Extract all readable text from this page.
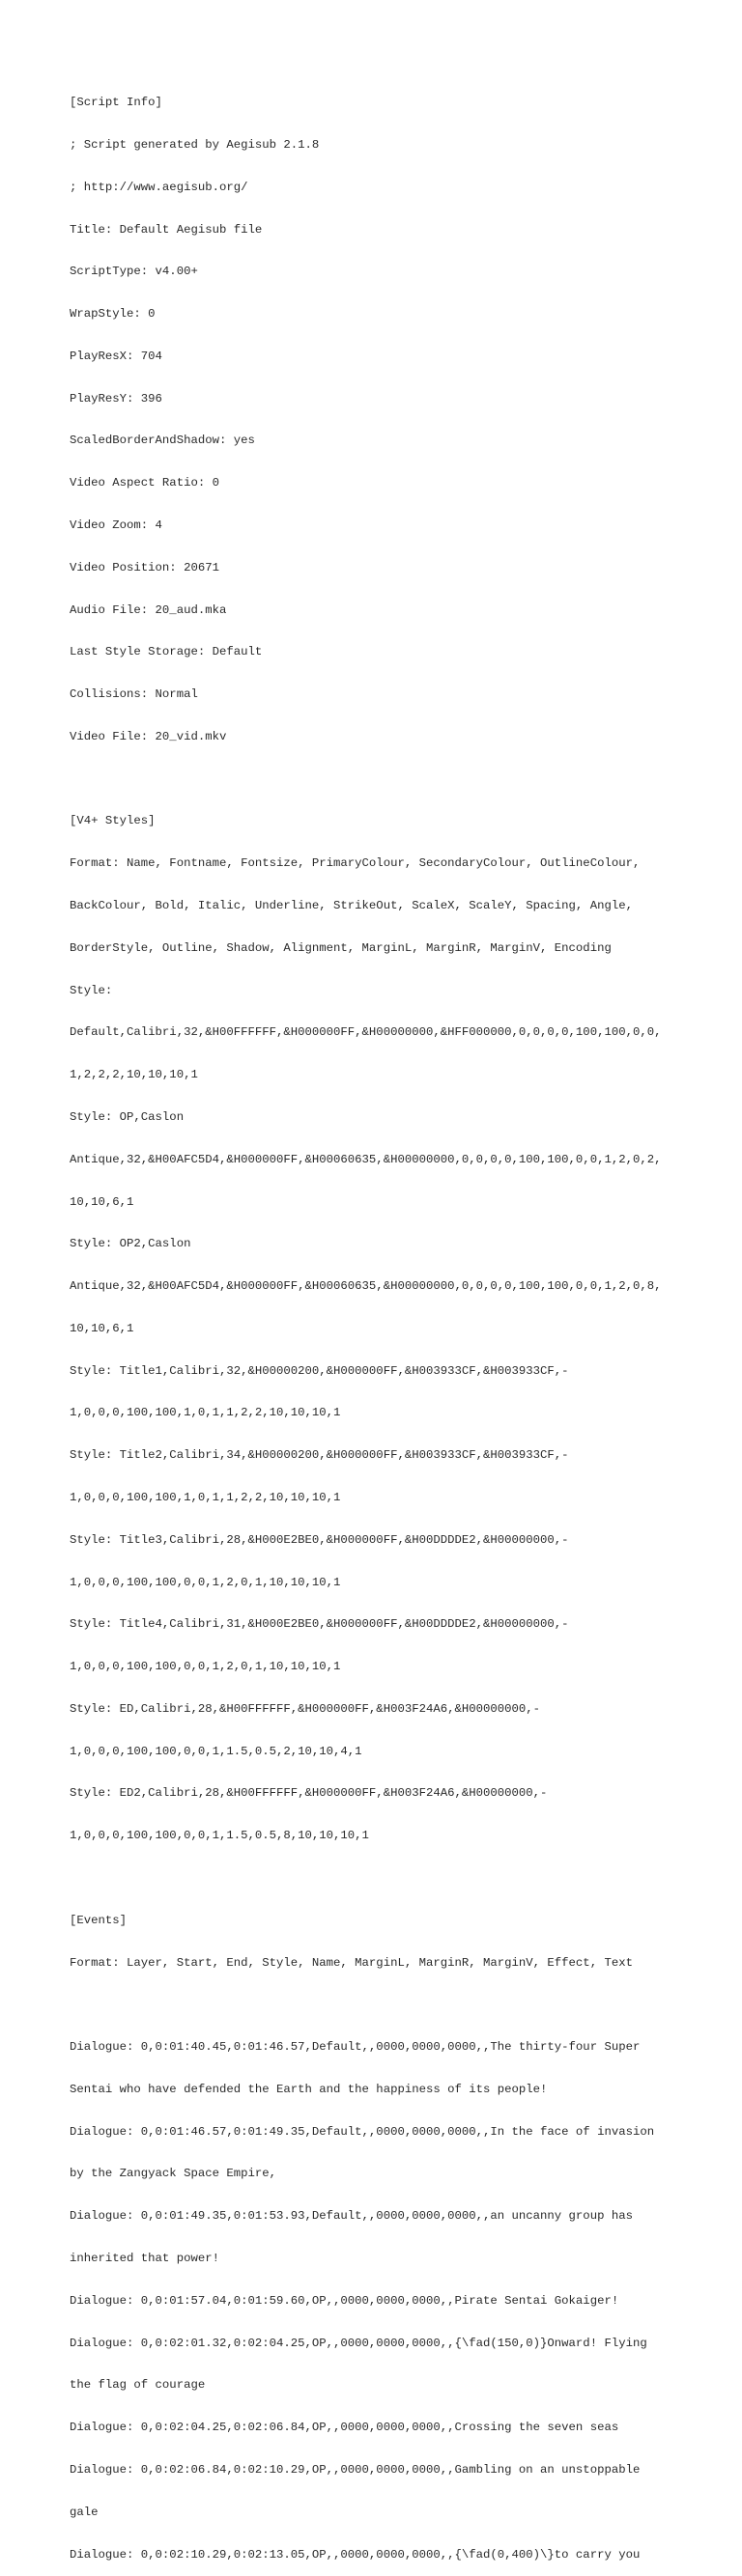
[Script Info]

; Script generated by Aegisub 2.1.8

; http://www.aegisub.org/

Title: Default Aegisub file

ScriptType: v4.00+

WrapStyle: 0

PlayResX: 704

PlayResY: 396

ScaledBorderAndShadow: yes

Video Aspect Ratio: 0

Video Zoom: 4

Video Position: 20671

Audio File: 20_aud.mka

Last Style Storage: Default

Collisions: Normal

Video File: 20_vid.mkv

[V4+ Styles]

Format: Name, Fontname, Fontsize, PrimaryColour, SecondaryColour, OutlineColour,

BackColour, Bold, Italic, Underline, StrikeOut, ScaleX, ScaleY, Spacing, Angle,

BorderStyle, Outline, Shadow, Alignment, MarginL, MarginR, MarginV, Encoding

Style:

Default,Calibri,32,&H00FFFFFF,&H000000FF,&H00000000,&HFF000000,0,0,0,0,100,100,0,0,

1,2,2,2,10,10,10,1

Style: OP,Caslon

Antique,32,&H00AFC5D4,&H000000FF,&H00060635,&H00000000,0,0,0,0,100,100,0,0,1,2,0,2,

10,10,6,1

Style: OP2,Caslon

Antique,32,&H00AFC5D4,&H000000FF,&H00060635,&H00000000,0,0,0,0,100,100,0,0,1,2,0,8,

10,10,6,1

Style: Title1,Calibri,32,&H00000200,&H000000FF,&H003933CF,&H003933CF,-

1,0,0,0,100,100,1,0,1,1,2,2,10,10,10,1

Style: Title2,Calibri,34,&H00000200,&H000000FF,&H003933CF,&H003933CF,-

1,0,0,0,100,100,1,0,1,1,2,2,10,10,10,1

Style: Title3,Calibri,28,&H000E2BE0,&H000000FF,&H00DDDDE2,&H00000000,-

1,0,0,0,100,100,0,0,1,2,0,1,10,10,10,1

Style: Title4,Calibri,31,&H000E2BE0,&H000000FF,&H00DDDDE2,&H00000000,-

1,0,0,0,100,100,0,0,1,2,0,1,10,10,10,1

Style: ED,Calibri,28,&H00FFFFFF,&H000000FF,&H003F24A6,&H00000000,-

1,0,0,0,100,100,0,0,1,1.5,0.5,2,10,10,4,1

Style: ED2,Calibri,28,&H00FFFFFF,&H000000FF,&H003F24A6,&H00000000,-

1,0,0,0,100,100,0,0,1,1.5,0.5,8,10,10,10,1

[Events]

Format: Layer, Start, End, Style, Name, MarginL, MarginR, MarginV, Effect, Text

Dialogue: 0,0:01:40.45,0:01:46.57,Default,,0000,0000,0000,,The thirty-four Super

Sentai who have defended the Earth and the happiness of its people!

Dialogue: 0,0:01:46.57,0:01:49.35,Default,,0000,0000,0000,,In the face of invasion

by the Zangyack Space Empire,

Dialogue: 0,0:01:49.35,0:01:53.93,Default,,0000,0000,0000,,an uncanny group has

inherited that power!

Dialogue: 0,0:01:57.04,0:01:59.60,OP,,0000,0000,0000,,Pirate Sentai Gokaiger!

Dialogue: 0,0:02:01.32,0:02:04.25,OP,,0000,0000,0000,,{\fad(150,0)}Onward! Flying

the flag of courage

Dialogue: 0,0:02:04.25,0:02:06.84,OP,,0000,0000,0000,,Crossing the seven seas

Dialogue: 0,0:02:06.84,0:02:10.29,OP,,0000,0000,0000,,Gambling on an unstoppable

gale

Dialogue: 0,0:02:10.29,0:02:13.05,OP,,0000,0000,0000,,{\fad(0,400)\}to carry you
